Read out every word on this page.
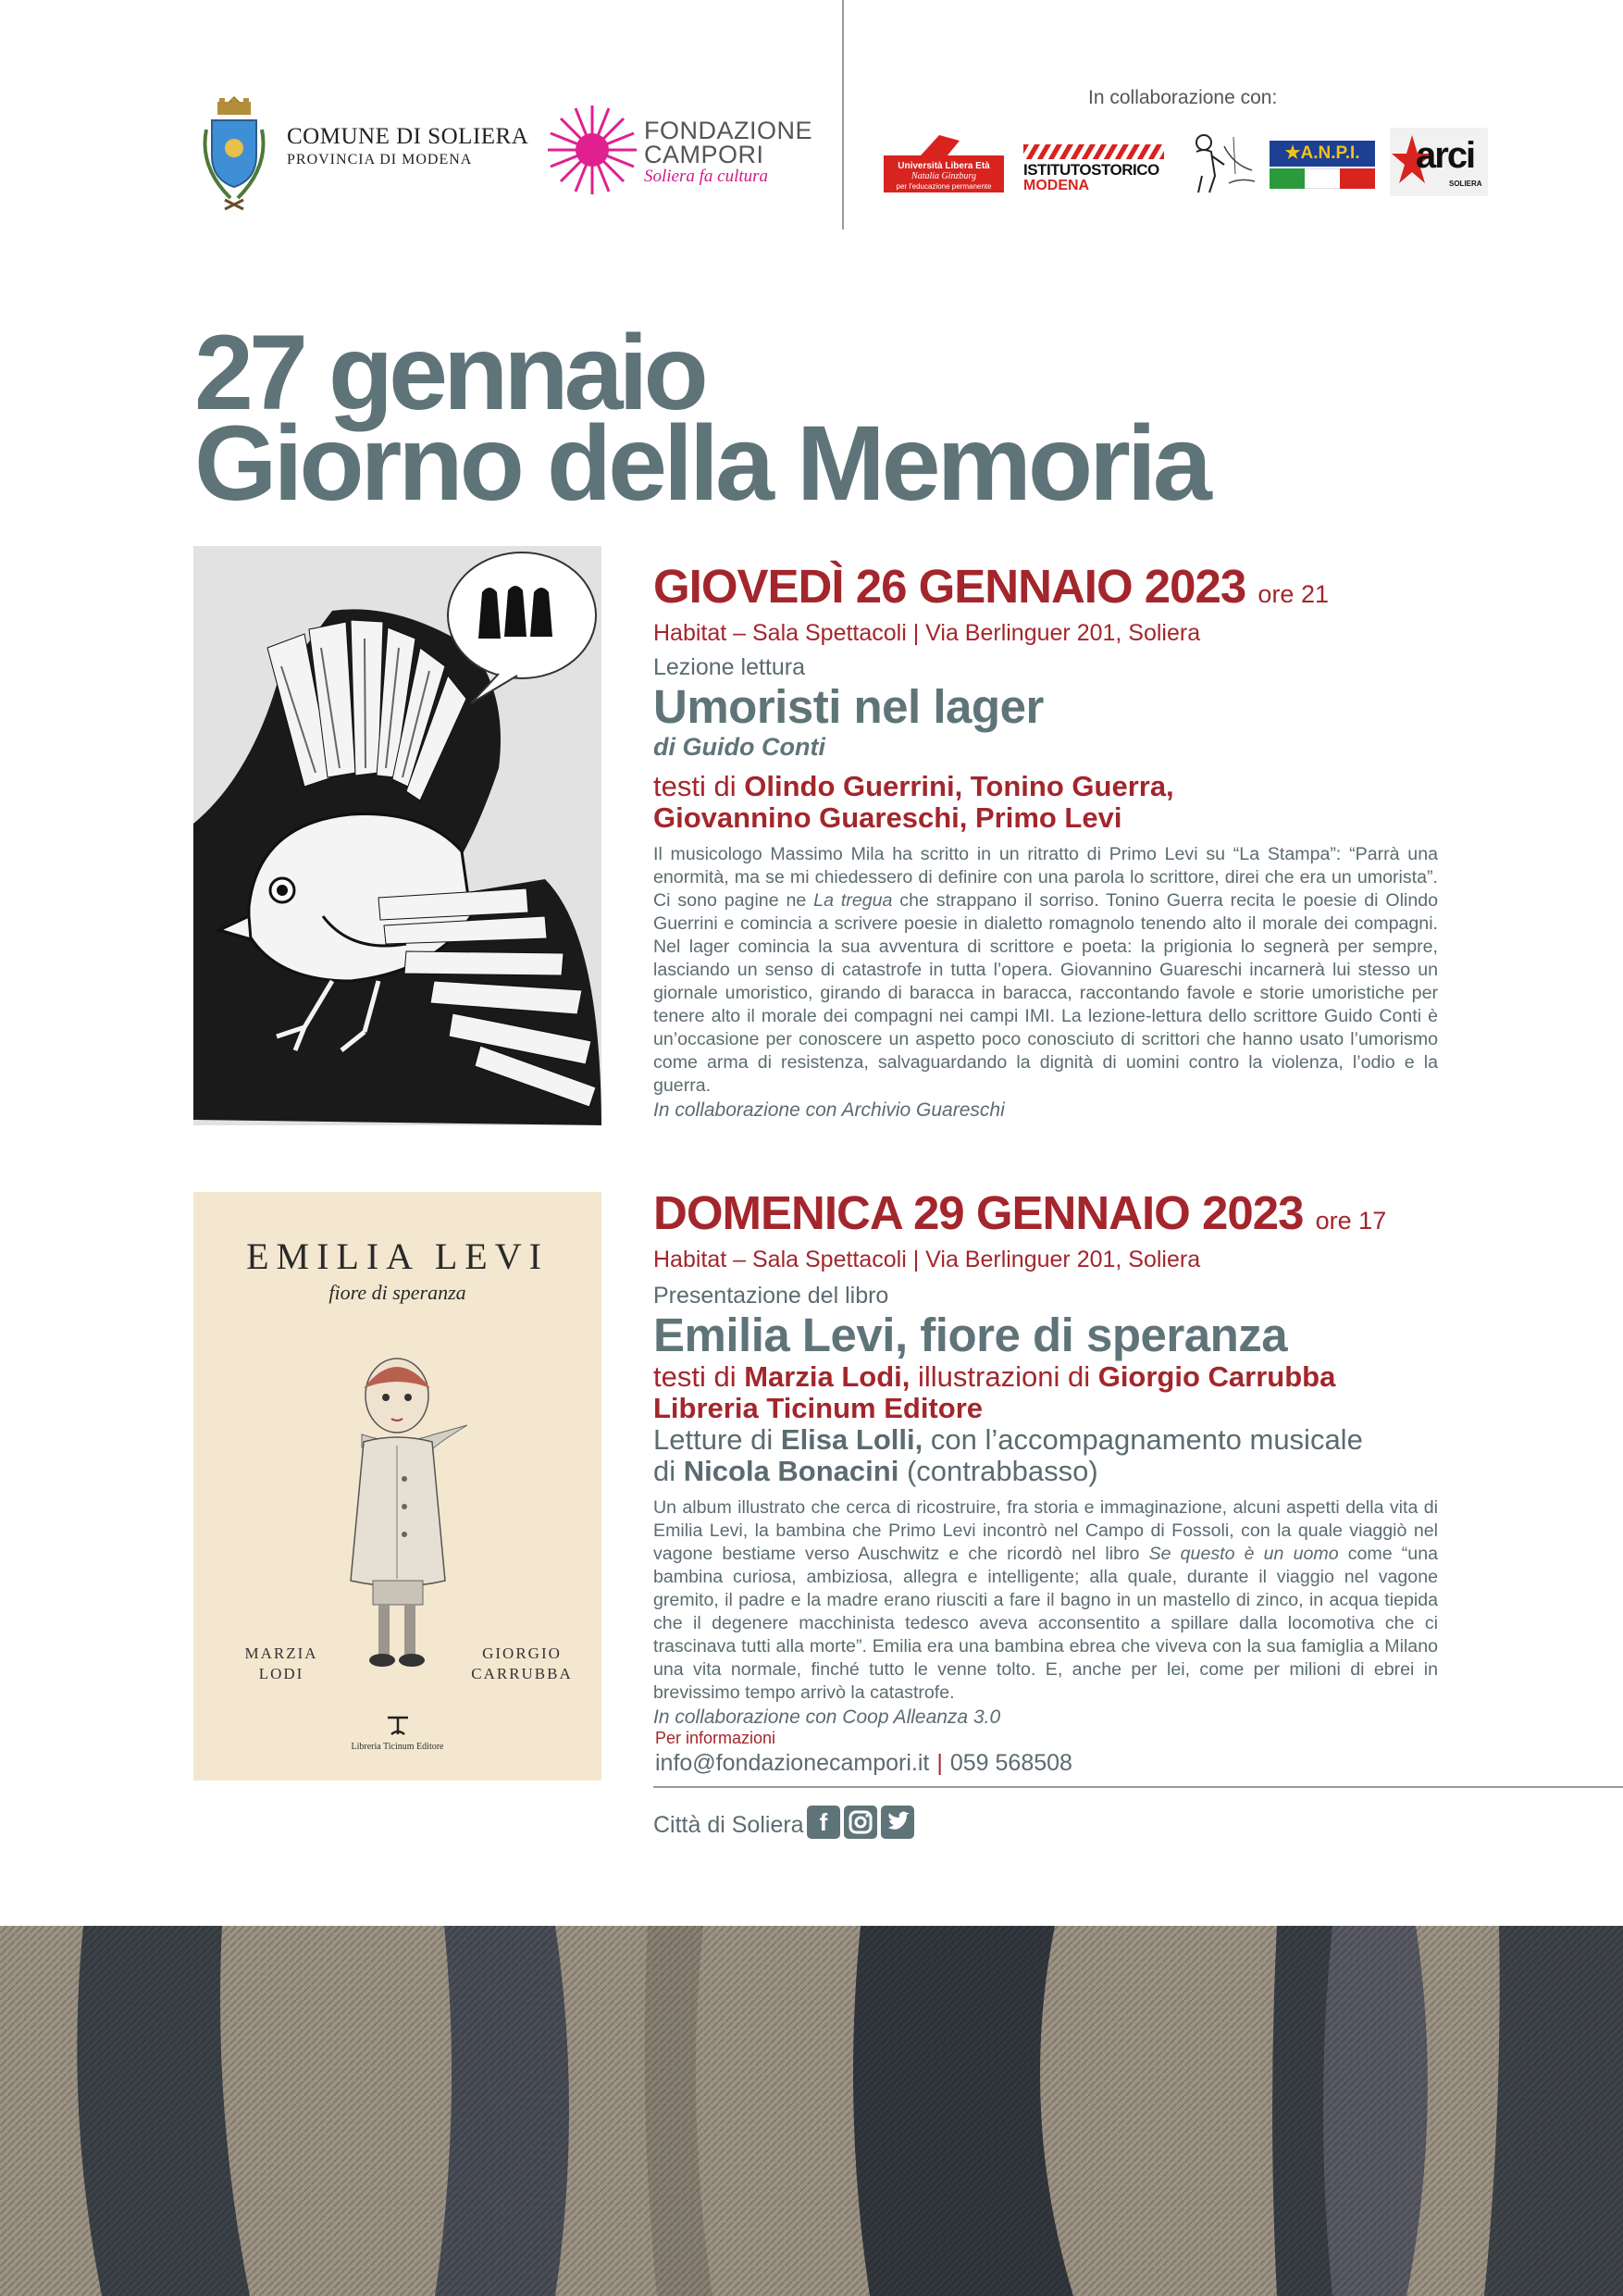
COMUNE DI SOLIERA
PROVINCIA DI MODENA
FONDAZIONE
CAMPORI
Soliera fa cultura
In collaborazione con:
Università Libera Età
Natalia Ginzburg
per l'educazione permanente
ISTITUTOSTORICO
MODENA
★A.N.P.I.	arci
SOLIERA
27 gennaio
Giorno della Memoria
GIOVEDÌ 26 GENNAIO 2023 ore 21
Habitat – Sala Spettacoli | Via Berlinguer 201, Soliera
Lezione lettura
Umoristi nel lager
di Guido Conti
testi di Olindo Guerrini, Tonino Guerra,
Giovannino Guareschi, Primo Levi
Il musicologo Massimo Mila ha scritto in un ritratto di Primo Levi su “La Stampa”: “Parrà una enormità, ma se mi chiedessero di definire con una parola lo scrittore, direi che era un umorista”. Ci sono pagine ne La tregua che strappano il sorriso. Tonino Guerra recita le poesie di Olindo Guerrini e comincia a scrivere poesie in dialetto romagnolo tenendo alto il morale dei compagni. Nel lager comincia la sua avventura di scrittore e poeta: la prigionia lo segnerà per sempre, lasciando un senso di catastrofe in tutta l’opera. Giovannino Guareschi incarnerà lui stesso un giornale umoristico, girando di baracca in baracca, raccontando favole e storie umoristiche per tenere alto il morale dei compagni nei campi IMI. La lezione-lettura dello scrittore Guido Conti è un’occasione per conoscere un aspetto poco conosciuto di scrittori che hanno usato l’umorismo come arma di resistenza, salvaguardando la dignità di uomini contro la violenza, l’odio e la guerra.
In collaborazione con Archivio Guareschi
EMILIA LEVI
fiore di speranza
MARZIA
LODI
GIORGIO
CARRUBBA
Libreria Ticinum Editore
DOMENICA 29 GENNAIO 2023 ore 17
Habitat – Sala Spettacoli | Via Berlinguer 201, Soliera
Presentazione del libro
Emilia Levi, fiore di speranza
testi di Marzia Lodi, illustrazioni di Giorgio Carrubba
Libreria Ticinum Editore
Letture di Elisa Lolli, con l’accompagnamento musicale
di Nicola Bonacini (contrabbasso)
Un album illustrato che cerca di ricostruire, fra storia e immaginazione, alcuni aspetti della vita di Emilia Levi, la bambina che Primo Levi incontrò nel Campo di Fossoli, con la quale viaggiò nel vagone bestiame verso Auschwitz e che ricordò nel libro Se questo è un uomo come “una bambina curiosa, ambiziosa, allegra e intelligente; alla quale, durante il viaggio nel vagone gremito, il padre e la madre erano riusciti a fare il bagno in un mastello di zinco, in acqua tiepida che il degenere macchinista tedesco aveva acconsentito a spillare dalla locomotiva che ci trascinava tutti alla morte”. Emilia era una bambina ebrea che viveva con la sua famiglia a Milano una vita normale, finché tutto le venne tolto. E, anche per lei, come per milioni di ebrei in brevissimo tempo arrivò la catastrofe.
In collaborazione con Coop Alleanza 3.0
Per informazioni
info@fondazionecampori.it | 059 568508
Città di Soliera f
